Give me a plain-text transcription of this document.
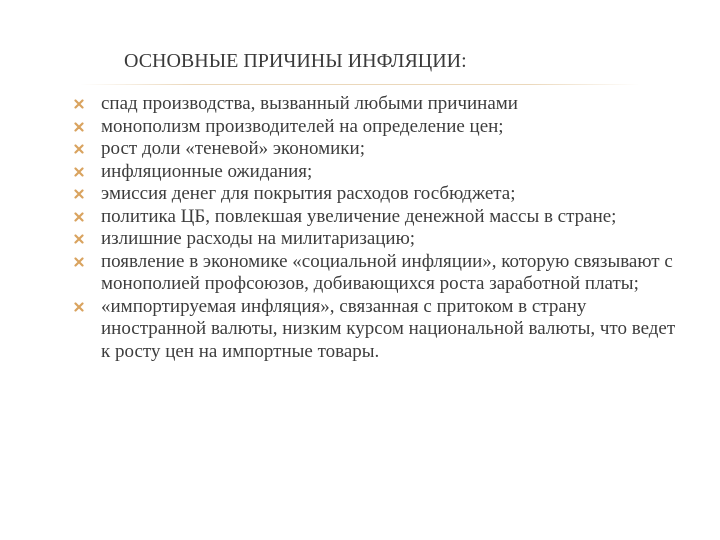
ОСНОВНЫЕ ПРИЧИНЫ ИНФЛЯЦИИ:
спад производства, вызванный любыми причинами
монополизм производителей на определение цен;
рост доли «теневой» экономики;
инфляционные ожидания;
эмиссия денег для покрытия расходов госбюджета;
политика ЦБ, повлекшая увеличение денежной массы в стране;
излишние расходы на милитаризацию;
появление в экономике «социальной инфляции», которую связывают с монополией профсоюзов, добивающихся роста заработной платы;
«импортируемая инфляция», связанная с притоком в страну иностранной валюты, низким курсом национальной валюты, что ведет к росту цен на импортные товары.
